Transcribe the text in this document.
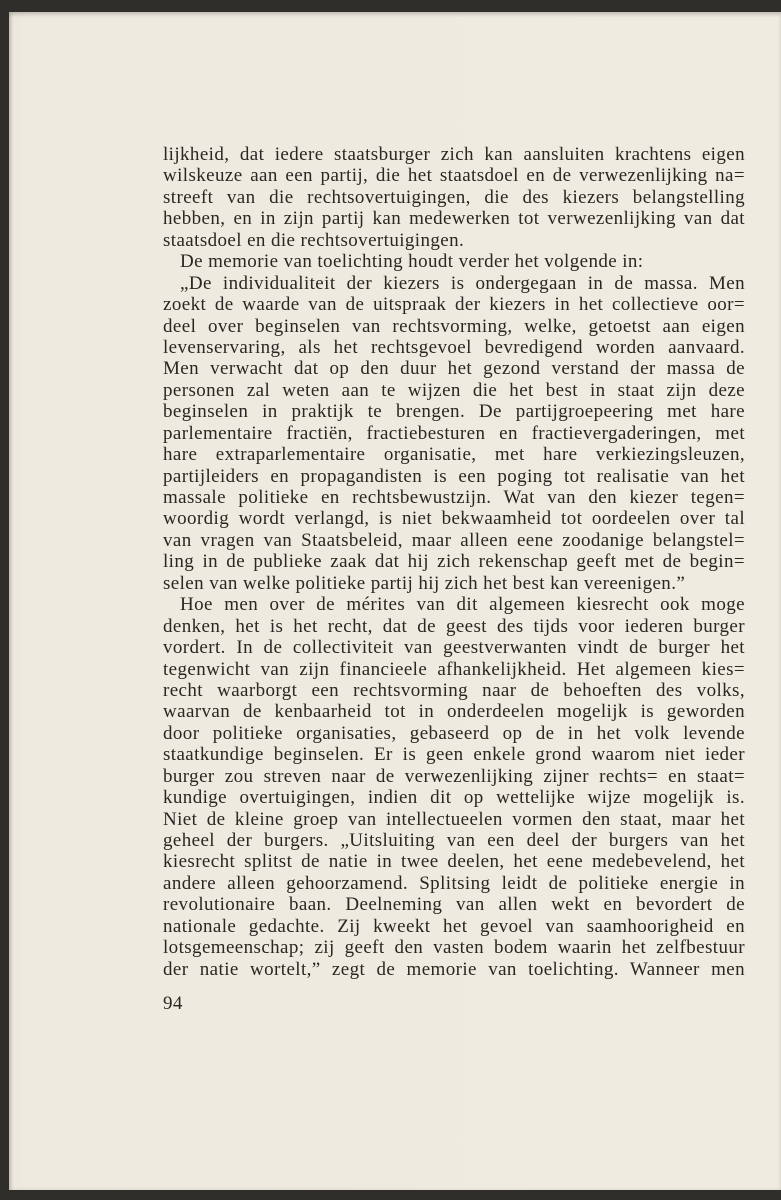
lijkheid, dat iedere staatsburger zich kan aansluiten krachtens eigen
wilskeuze aan een partij, die het staatsdoel en de verwezenlijking na=
streeft van die rechtsovertuigingen, die des kiezers belangstelling
hebben, en in zijn partij kan medewerken tot verwezenlijking van dat
staatsdoel en die rechtsovertuigingen.
De memorie van toelichting houdt verder het volgende in:
„De individualiteit der kiezers is ondergegaan in de massa. Men
zoekt de waarde van de uitspraak der kiezers in het collectieve oor=
deel over beginselen van rechtsvorming, welke, getoetst aan eigen
levenservaring, als het rechtsgevoel bevredigend worden aanvaard.
Men verwacht dat op den duur het gezond verstand der massa de
personen zal weten aan te wijzen die het best in staat zijn deze
beginselen in praktijk te brengen. De partijgroepeering met hare
parlementaire fractiën, fractiebesturen en fractievergaderingen, met
hare extraparlementaire organisatie, met hare verkiezingsleuzen,
partijleiders en propagandisten is een poging tot realisatie van het
massale politieke en rechtsbewustzijn. Wat van den kiezer tegen=
woordig wordt verlangd, is niet bekwaamheid tot oordeelen over tal
van vragen van Staatsbeleid, maar alleen eene zoodanige belangstel=
ling in de publieke zaak dat hij zich rekenschap geeft met de begin=
selen van welke politieke partij hij zich het best kan vereenigen.”
Hoe men over de mérites van dit algemeen kiesrecht ook moge
denken, het is het recht, dat de geest des tijds voor iederen burger
vordert. In de collectiviteit van geestverwanten vindt de burger het
tegenwicht van zijn financieele afhankelijkheid. Het algemeen kies=
recht waarborgt een rechtsvorming naar de behoeften des volks,
waarvan de kenbaarheid tot in onderdeelen mogelijk is geworden
door politieke organisaties, gebaseerd op de in het volk levende
staatkundige beginselen. Er is geen enkele grond waarom niet ieder
burger zou streven naar de verwezenlijking zijner rechts= en staat=
kundige overtuigingen, indien dit op wettelijke wijze mogelijk is.
Niet de kleine groep van intellectueelen vormen den staat, maar het
geheel der burgers. „Uitsluiting van een deel der burgers van het
kiesrecht splitst de natie in twee deelen, het eene medebevelend, het
andere alleen gehoorzamend. Splitsing leidt de politieke energie in
revolutionaire baan. Deelneming van allen wekt en bevordert de
nationale gedachte. Zij kweekt het gevoel van saamhoorigheid en
lotsgemeenschap; zij geeft den vasten bodem waarin het zelfbestuur
der natie wortelt,” zegt de memorie van toelichting. Wanneer men
94
